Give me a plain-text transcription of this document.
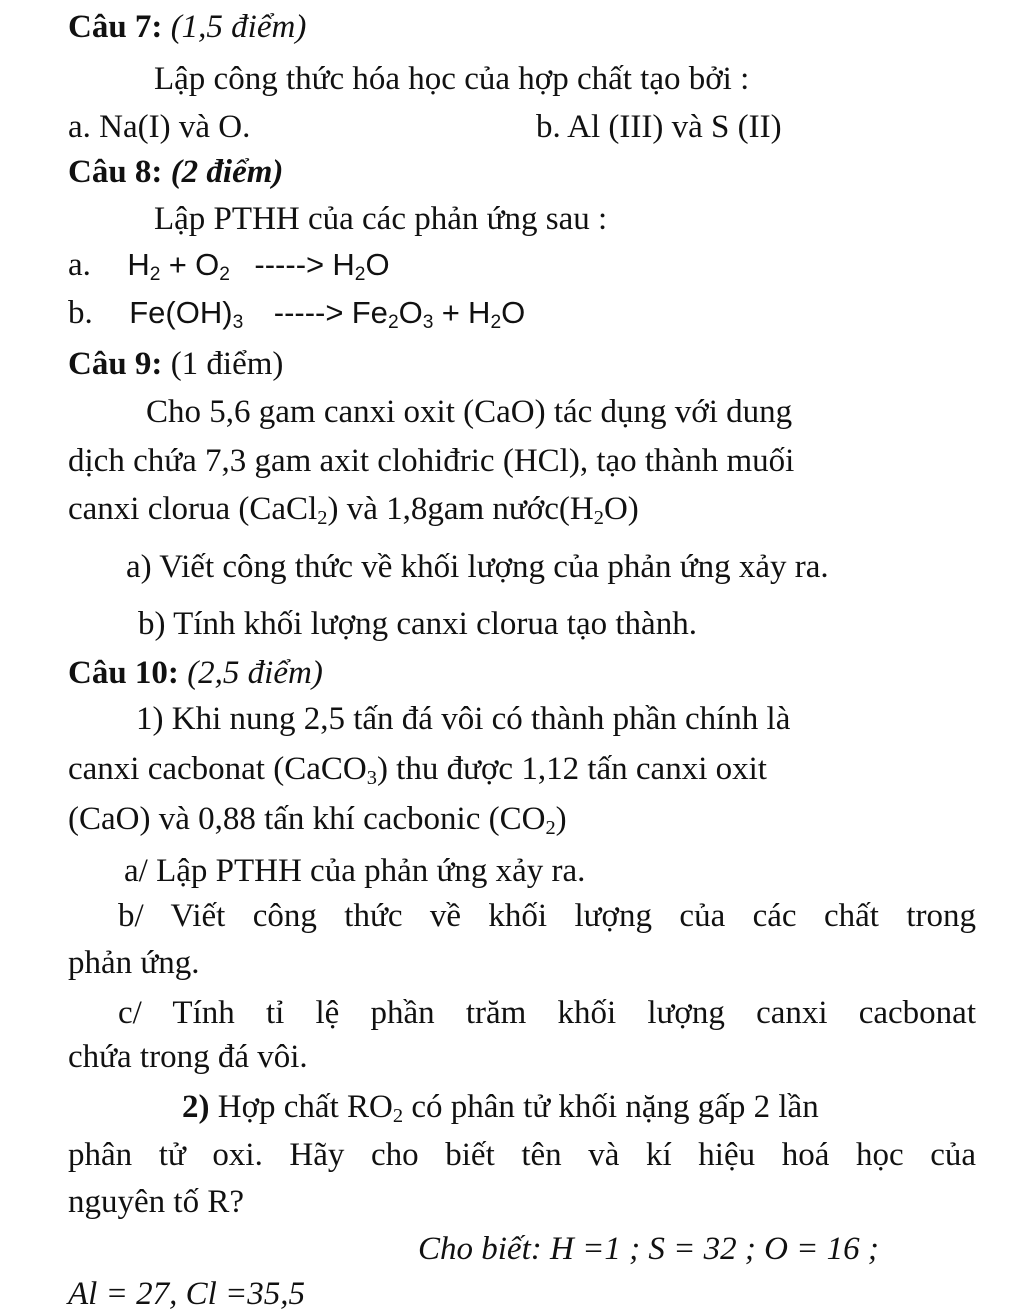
Câu 7: (1,5 điểm)
Lập công thức hóa học của hợp chất tạo bởi :
a. Na(I) và O.	b. Al (III) và S (II)
Câu 8: (2 điểm)
Lập PTHH của các phản ứng sau :
a. $H_2 + O_2$ -----> $H_2O$
b. $Fe(OH)_3$ -----> $Fe_2O_3 + H_2O$
Câu 9: (1 điểm)
Cho 5,6 gam canxi oxit (CaO) tác dụng với dung
dịch chứa 7,3 gam axit clohiđric (HCl), tạo thành muối
canxi clorua (CaCl$_2$) và 1,8gam $nước(H_2O)$
a) Viết công thức về khối lượng của phản ứng xảy ra.
b) Tính khối lượng canxi clorua tạo thành.
Câu 10: (2,5 điểm)
1) Khi nung 2,5 tấn đá vôi có thành phần chính là
canxi cacbonat (CaCO$_3$) thu được 1,12 tấn canxi oxit
(CaO) và 0,88 tấn khí cacbonic $(CO_2)$
a/ Lập PTHH của phản ứng xảy ra.
b/ Viết công thức về khối lượng của các chất trong
phản ứng.
c/ Tính tỉ lệ phần trăm khối lượng canxi cacbonat
chứa trong đá vôi.
2) Hợp chất $RO_2$ có phân tử khối nặng gấp 2 lần
phân tử oxi. Hãy cho biết tên và kí hiệu hoá học của
nguyên tố R?
Cho biết: H =1 ; S = 32 ; O = 16 ;
Al = 27, Cl =35,5
